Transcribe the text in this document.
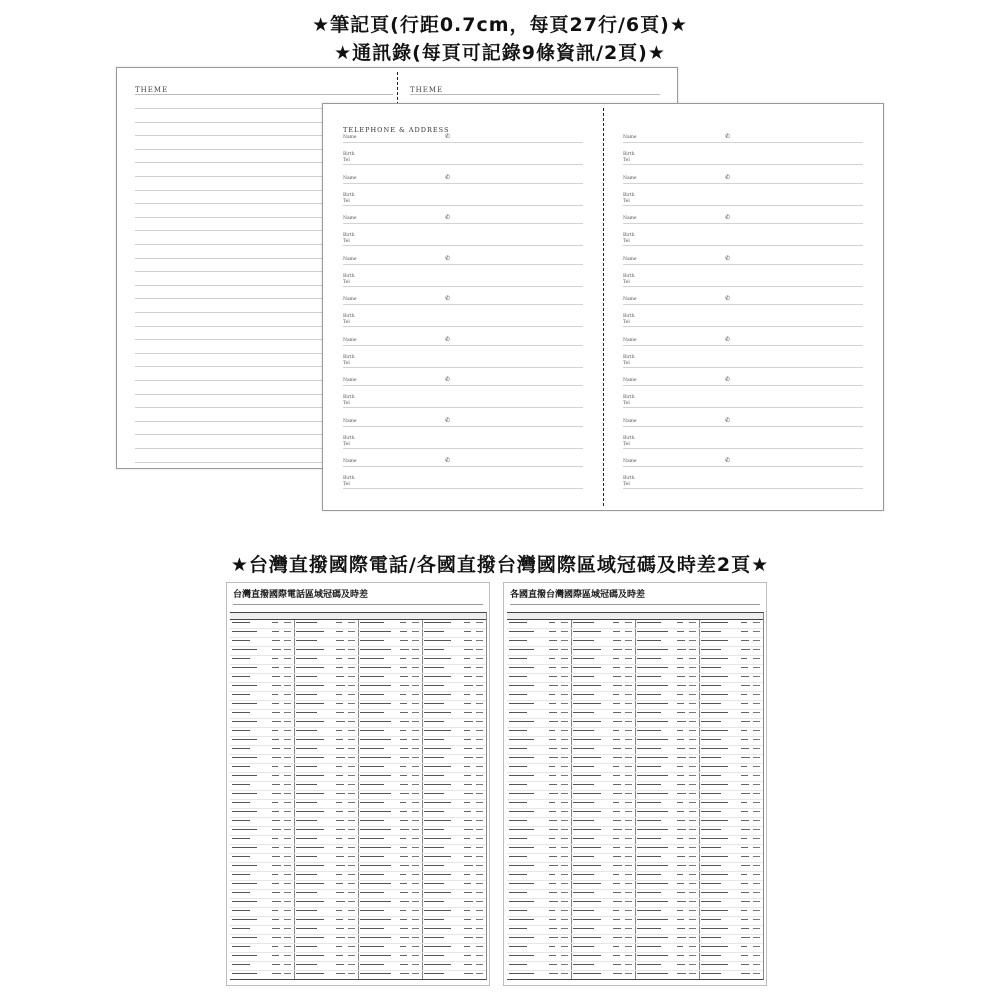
★筆記頁(行距0.7cm，每頁27行/6頁)★
★通訊錄(每頁可記錄9條資訊/2頁)★
THEME	THEME
TELEPHONE & ADDRESS
Name	✆
Birth
Tel
Name	✆
Birth
Tel
Name	✆
Birth
Tel
Name	✆
Birth
Tel
Name	✆
Birth
Tel
Name	✆
Birth
Tel
Name	✆
Birth
Tel
Name	✆
Birth
Tel
Name	✆
Birth
Tel
Name	✆
Birth
Tel
Name	✆
Birth
Tel
Name	✆
Birth
Tel
Name	✆
Birth
Tel
Name	✆
Birth
Tel
Name	✆
Birth
Tel
Name	✆
Birth
Tel
Name	✆
Birth
Tel
Name	✆
Birth
Tel
★台灣直撥國際電話/各國直撥台灣國際區域冠碼及時差2頁★
台灣直撥國際電話區域冠碼及時差	各國直撥台灣國際區域冠碼及時差
